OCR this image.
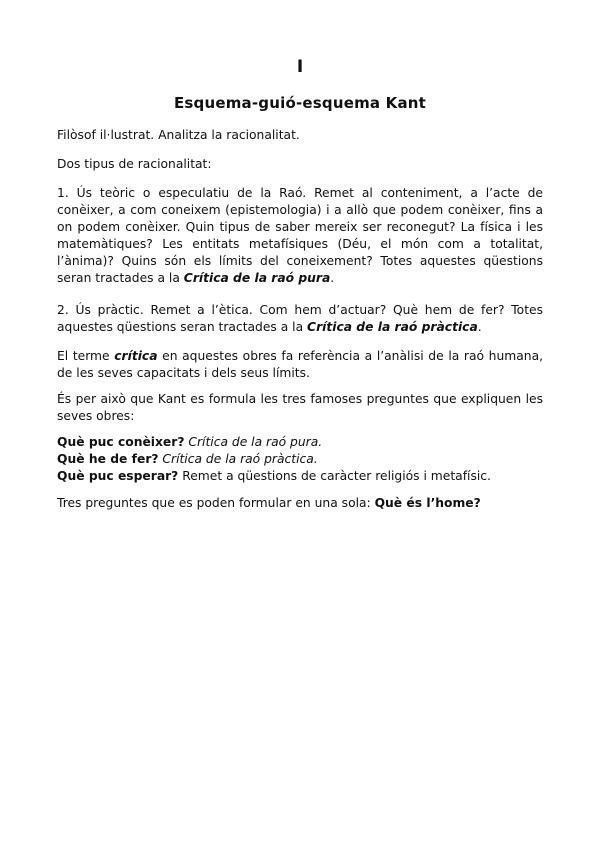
I
Esquema-guió-esquema Kant
Filòsof il·lustrat. Analitza la racionalitat.
Dos tipus de racionalitat:
1. Ús teòric o especulatiu de la Raó. Remet al conteniment, a l’acte de conèixer, a com coneixem (epistemologia) i a allò que podem conèixer, fins a on podem conèixer. Quin tipus de saber mereix ser reconegut? La física i les matemàtiques? Les entitats metafísiques (Déu, el món com a totalitat, l’ànima)? Quins són els límits del coneixement? Totes aquestes qüestions seran tractades a la Crítica de la raó pura.
2. Ús pràctic. Remet a l’ètica. Com hem d’actuar? Què hem de fer? Totes aquestes qüestions seran tractades a la Crítica de la raó pràctica.
El terme crítica en aquestes obres fa referència a l’anàlisi de la raó humana, de les seves capacitats i dels seus límits.
És per això que Kant es formula les tres famoses preguntes que expliquen les seves obres:
Què puc conèixer? Crítica de la raó pura.
Què he de fer? Crítica de la raó pràctica.
Què puc esperar? Remet a qüestions de caràcter religiós i metafísic.
Tres preguntes que es poden formular en una sola: Què és l’home?
